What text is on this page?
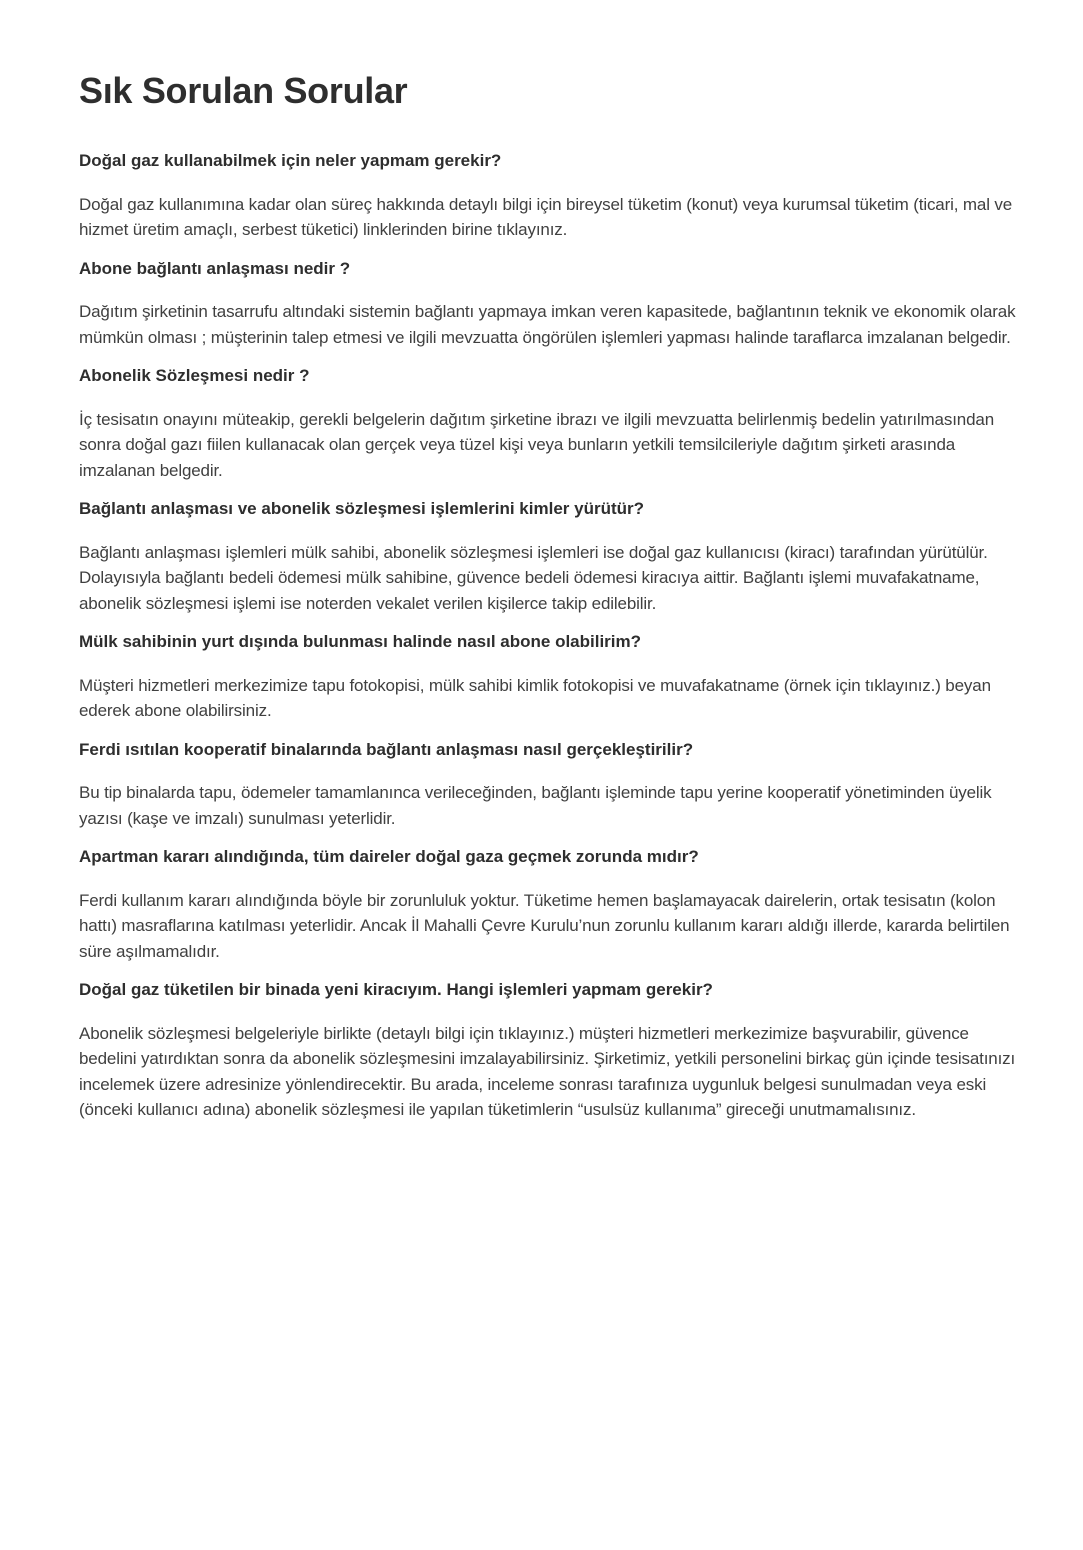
Sık Sorulan Sorular

Doğal gaz kullanabilmek için neler yapmam gerekir?

Doğal gaz kullanımına kadar olan süreç hakkında detaylı bilgi için bireysel tüketim (konut) veya kurumsal tüketim (ticari, mal ve hizmet üretim amaçlı, serbest tüketici) linklerinden birine tıklayınız.

Abone bağlantı anlaşması nedir ?

Dağıtım şirketinin tasarrufu altındaki sistemin bağlantı yapmaya imkan veren kapasitede, bağlantının teknik ve ekonomik olarak mümkün olması ; müşterinin talep etmesi ve ilgili mevzuatta öngörülen işlemleri yapması halinde taraflarca imzalanan belgedir.

Abonelik Sözleşmesi nedir ?

İç tesisatın onayını müteakip, gerekli belgelerin dağıtım şirketine ibrazı ve ilgili mevzuatta belirlenmiş bedelin yatırılmasından sonra doğal gazı fiilen kullanacak olan gerçek veya tüzel kişi veya bunların yetkili temsilcileriyle dağıtım şirketi arasında imzalanan belgedir.

Bağlantı anlaşması ve abonelik sözleşmesi işlemlerini kimler yürütür?

Bağlantı anlaşması işlemleri mülk sahibi, abonelik sözleşmesi işlemleri ise doğal gaz kullanıcısı (kiracı) tarafından yürütülür. Dolayısıyla bağlantı bedeli ödemesi mülk sahibine, güvence bedeli ödemesi kiracıya aittir. Bağlantı işlemi muvafakatname, abonelik sözleşmesi işlemi ise noterden vekalet verilen kişilerce takip edilebilir.

Mülk sahibinin yurt dışında bulunması halinde nasıl abone olabilirim?

Müşteri hizmetleri merkezimize tapu fotokopisi, mülk sahibi kimlik fotokopisi ve muvafakatname (örnek için tıklayınız.) beyan ederek abone olabilirsiniz.

Ferdi ısıtılan kooperatif binalarında bağlantı anlaşması nasıl gerçekleştirilir?

Bu tip binalarda tapu, ödemeler tamamlanınca verileceğinden, bağlantı işleminde tapu yerine kooperatif yönetiminden üyelik yazısı (kaşe ve imzalı) sunulması yeterlidir.

Apartman kararı alındığında, tüm daireler doğal gaza geçmek zorunda mıdır?

Ferdi kullanım kararı alındığında böyle bir zorunluluk yoktur. Tüketime hemen başlamayacak dairelerin, ortak tesisatın (kolon hattı) masraflarına katılması yeterlidir. Ancak İl Mahalli Çevre Kurulu’nun zorunlu kullanım kararı aldığı illerde, kararda belirtilen süre aşılmamalıdır.

Doğal gaz tüketilen bir binada yeni kiracıyım. Hangi işlemleri yapmam gerekir?

Abonelik sözleşmesi belgeleriyle birlikte (detaylı bilgi için tıklayınız.) müşteri hizmetleri merkezimize başvurabilir, güvence bedelini yatırdıktan sonra da abonelik sözleşmesini imzalayabilirsiniz. Şirketimiz, yetkili personelini birkaç gün içinde tesisatınızı incelemek üzere adresinize yönlendirecektir. Bu arada, inceleme sonrası tarafınıza uygunluk belgesi sunulmadan veya eski (önceki kullanıcı adına) abonelik sözleşmesi ile yapılan tüketimlerin “usulsüz kullanıma” gireceği unutmamalısınız.
